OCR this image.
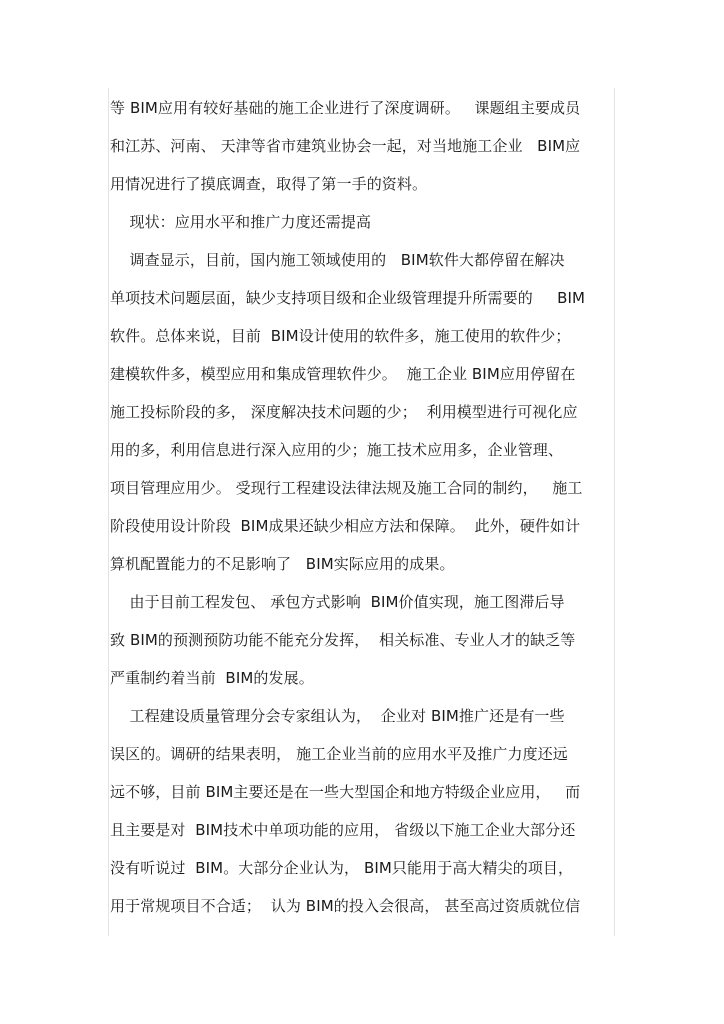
等 BIM应用有较好基础的施工企业进行了深度调研。   课题组主要成员
和江苏、河南、 天津等省市建筑业协会一起，对当地施工企业   BIM应
用情况进行了摸底调查，取得了第一手的资料。
现状：应用水平和推广力度还需提高
调查显示，目前，国内施工领域使用的   BIM软件大都停留在解决
单项技术问题层面，缺少支持项目级和企业级管理提升所需要的     BIM
软件。总体来说，目前  BIM设计使用的软件多，施工使用的软件少；
建模软件多，模型应用和集成管理软件少。  施工企业 BIM应用停留在
施工投标阶段的多， 深度解决技术问题的少；  利用模型进行可视化应
用的多，利用信息进行深入应用的少；施工技术应用多，企业管理、
项目管理应用少。 受现行工程建设法律法规及施工合同的制约，   施工
阶段使用设计阶段  BIM成果还缺少相应方法和保障。  此外，硬件如计
算机配置能力的不足影响了   BIM实际应用的成果。
由于目前工程发包、 承包方式影响  BIM价值实现，施工图滞后导
致 BIM的预测预防功能不能充分发挥，  相关标准、专业人才的缺乏等
严重制约着当前  BIM的发展。
工程建设质量管理分会专家组认为，  企业对 BIM推广还是有一些
误区的。调研的结果表明， 施工企业当前的应用水平及推广力度还远
远不够，目前 BIM主要还是在一些大型国企和地方特级企业应用，   而
且主要是对  BIM技术中单项功能的应用， 省级以下施工企业大部分还
没有听说过  BIM。大部分企业认为， BIM只能用于高大精尖的项目，
用于常规项目不合适；  认为 BIM的投入会很高， 甚至高过资质就位信
